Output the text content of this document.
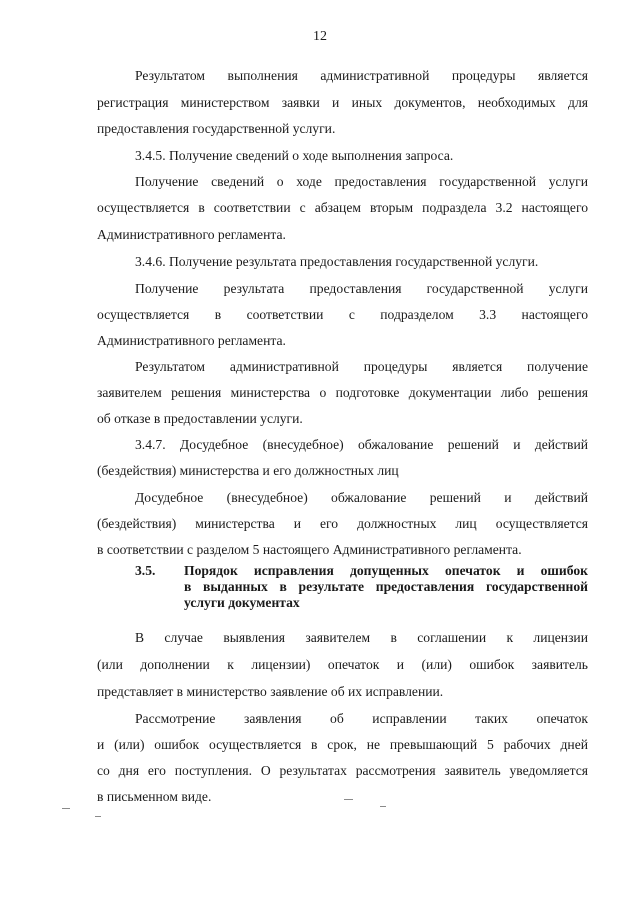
12
Результатом выполнения административной процедуры является
регистрация министерством заявки и иных документов, необходимых для
предоставления государственной услуги.
3.4.5. Получение сведений о ходе выполнения запроса.
Получение сведений о ходе предоставления государственной услуги
осуществляется в соответствии с абзацем вторым подраздела 3.2 настоящего
Административного регламента.
3.4.6. Получение результата предоставления государственной услуги.
Получение результата предоставления государственной услуги
осуществляется в соответствии с подразделом 3.3 настоящего
Административного регламента.
Результатом административной процедуры является получение
заявителем решения министерства о подготовке документации либо решения
об отказе в предоставлении услуги.
3.4.7. Досудебное (внесудебное) обжалование решений и действий
(бездействия) министерства и его должностных лиц
Досудебное (внесудебное) обжалование решений и действий
(бездействия) министерства и его должностных лиц осуществляется
в соответствии с разделом 5 настоящего Административного регламента.
3.5. Порядок исправления допущенных опечаток и ошибок
в выданных в результате предоставления государственной
услуги документах
В случае выявления заявителем в соглашении к лицензии
(или дополнении к лицензии) опечаток и (или) ошибок заявитель
представляет в министерство заявление об их исправлении.
Рассмотрение заявления об исправлении таких опечаток
и (или) ошибок осуществляется в срок, не превышающий 5 рабочих дней
со дня его поступления. О результатах рассмотрения заявитель уведомляется
в письменном виде.
